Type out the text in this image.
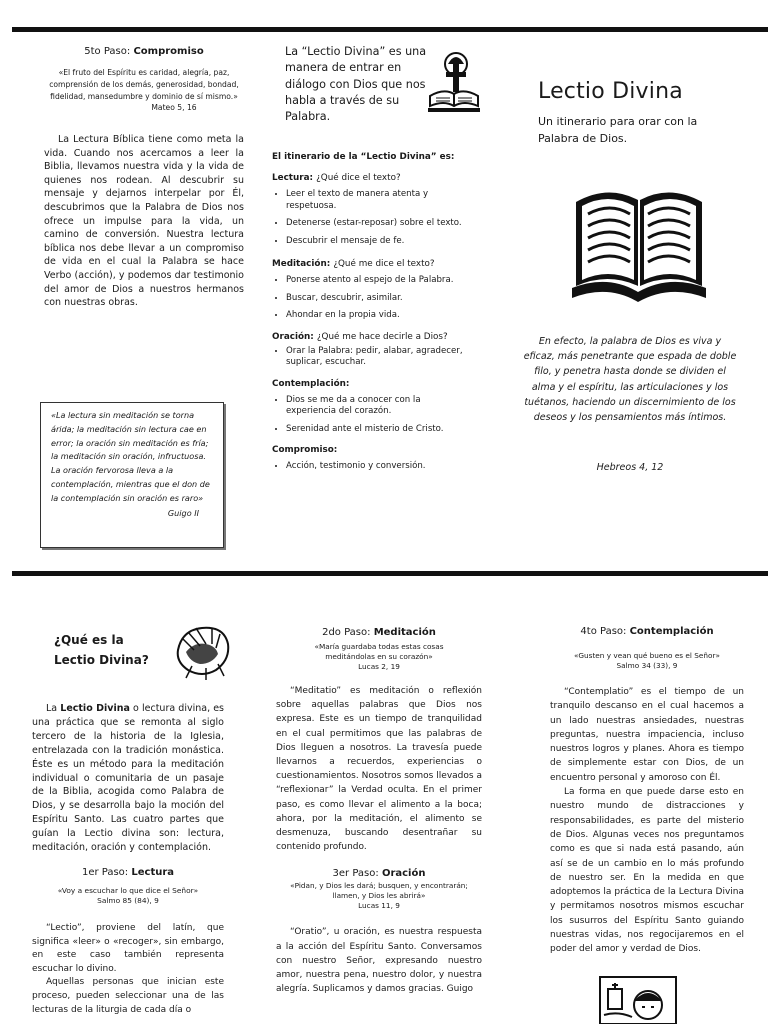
5to Paso: Compromiso
«El fruto del Espíritu es caridad, alegría, paz, comprensión de los demás, generosidad, bondad, fidelidad, mansedumbre y dominio de sí mismo.»
Mateo 5, 16

La Lectura Bíblica tiene como meta la vida. Cuando nos acercamos a leer la Biblia, llevamos nuestra vida y la vida de quienes nos rodean. Al descubrir su mensaje y dejarnos interpelar por Él, descubrimos que la Palabra de Dios nos ofrece un impulse para la vida, un camino de conversión. Nuestra lectura bíblica nos debe llevar a un compromiso de vida en el cual la Palabra se hace Verbo (acción), y podemos dar testimonio del amor de Dios a nuestros hermanos con nuestras obras.

«La lectura sin meditación se torna árida; la meditación sin lectura cae en error; la oración sin meditación es fría; la meditación sin oración, infructuosa. La oración fervorosa lleva a la contemplación, mientras que el don de la contemplación sin oración es raro»
Guigo II
La “Lectio Divina” es una manera de entrar en diálogo con Dios que nos habla a través de su Palabra.
El itinerario de la “Lectio Divina” es:

Lectura: ¿Qué dice el texto?

• Leer el texto de manera atenta y respetuosa.
• Detenerse (estar-reposar) sobre el texto.
• Descubrir el mensaje de fe.

Meditación: ¿Qué me dice el texto?

• Ponerse atento al espejo de la Palabra.
• Buscar, descubrir, asimilar.
• Ahondar en la propia vida.

Oración: ¿Qué me hace decirle a Dios?

• Orar la Palabra: pedir, alabar, agradecer, suplicar, escuchar.

Contemplación:

• Dios se me da a conocer con la experiencia del corazón.
• Serenidad ante el misterio de Cristo.

Compromiso:

• Acción, testimonio y conversión.
Lectio Divina
Un itinerario para orar con la Palabra de Dios.
En efecto, la palabra de Dios es viva y eficaz, más penetrante que espada de doble filo, y penetra hasta donde se dividen el alma y el espíritu, las articulaciones y los tuétanos, haciendo un discernimiento de los deseos y los pensamientos más íntimos.
Hebreos 4, 12
¿Qué es la Lectio Divina?

La Lectio Divina o lectura divina, es una práctica que se remonta al siglo tercero de la historia de la Iglesia, entrelazada con la tradición monástica. Éste es un método para la meditación individual o comunitaria de un pasaje de la Biblia, acogida como Palabra de Dios, y se desarrolla bajo la moción del Espíritu Santo. Las cuatro partes que guían la Lectio divina son: lectura, meditación, oración y contemplación.

1er Paso: Lectura
«Voy a escuchar lo que dice el Señor»
Salmo 85 (84), 9

“Lectio”, proviene del latín, que significa «leer» o «recoger», sin embargo, en este caso también representa escuchar lo divino.

Aquellas personas que inician este proceso, pueden seleccionar una de las lecturas de la liturgia de cada día o

2do Paso: Meditación
«María guardaba todas estas cosas meditándolas en su corazón»
Lucas 2, 19

“Meditatio” es meditación o reflexión sobre aquellas palabras que Dios nos expresa. Este es un tiempo de tranquilidad en el cual permitimos que las palabras de Dios lleguen a nosotros. La travesía puede llevarnos a recuerdos, experiencias o cuestionamientos. Nosotros somos llevados a “reflexionar” la Verdad oculta. En el primer paso, es como llevar el alimento a la boca; ahora, por la meditación, el alimento se desmenuza, buscando desentrañar su contenido profundo.

3er Paso: Oración
«Pidan, y Dios les dará; busquen, y encontrarán; llamen, y Dios les abrirá»
Lucas 11, 9

“Oratio”, u oración, es nuestra respuesta a la acción del Espíritu Santo. Conversamos con nuestro Señor, expresando nuestro amor, nuestra pena, nuestro dolor, y nuestra alegría. Suplicamos y damos gracias. Guigo

4to Paso: Contemplación
«Gusten y vean qué bueno es el Señor»
Salmo 34 (33), 9

“Contemplatio” es el tiempo de un tranquilo descanso en el cual hacemos a un lado nuestras ansiedades, nuestras preguntas, nuestra impaciencia, incluso nuestros logros y planes. Ahora es tiempo de simplemente estar con Dios, de un encuentro personal y amoroso con Él.

La forma en que puede darse esto en nuestro mundo de distracciones y responsabilidades, es parte del misterio de Dios. Algunas veces nos preguntamos como es que si nada está pasando, aún así se de un cambio en lo más profundo de nuestro ser. En la medida en que adoptemos la práctica de la Lectura Divina y permitamos nosotros mismos escuchar los susurros del Espíritu Santo guiando nuestras vidas, nos regocijaremos en el poder del amor y verdad de Dios.
